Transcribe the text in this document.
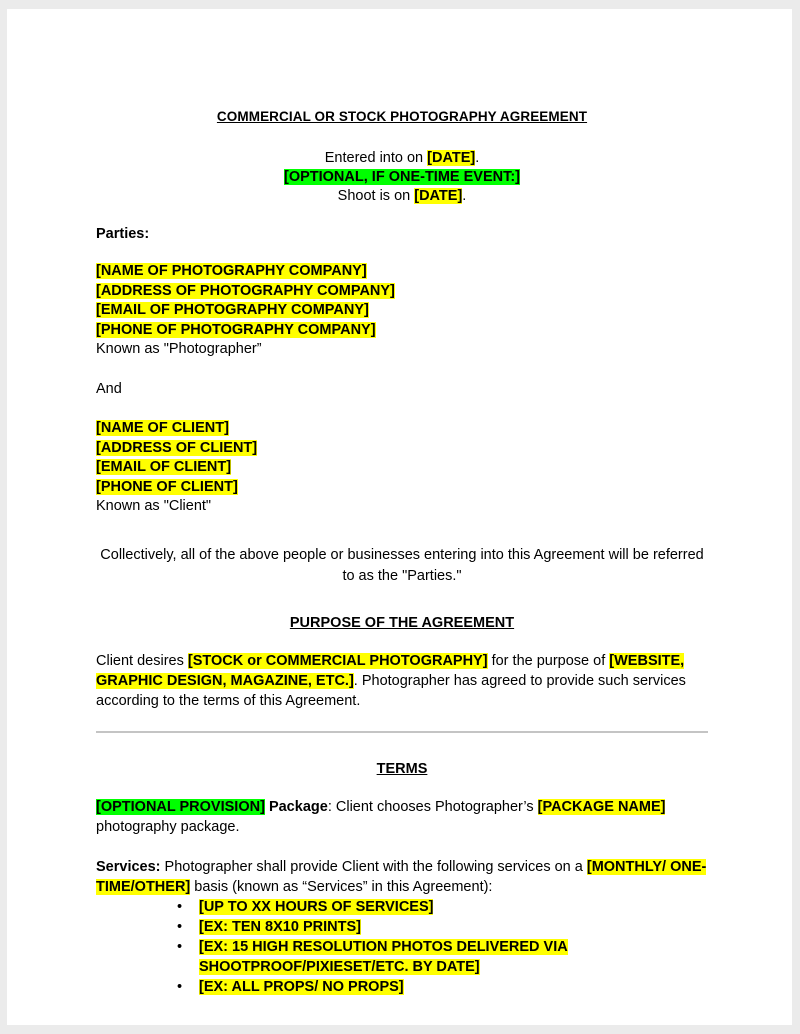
COMMERCIAL OR STOCK PHOTOGRAPHY AGREEMENT
Entered into on [DATE].
[OPTIONAL, IF ONE-TIME EVENT:]
Shoot is on [DATE].
Parties:
[NAME OF PHOTOGRAPHY COMPANY]
[ADDRESS OF PHOTOGRAPHY COMPANY]
[EMAIL OF PHOTOGRAPHY COMPANY]
[PHONE OF PHOTOGRAPHY COMPANY]
Known as "Photographer”
And
[NAME OF CLIENT]
[ADDRESS OF CLIENT]
[EMAIL OF CLIENT]
[PHONE OF CLIENT]
Known as "Client"
Collectively, all of the above people or businesses entering into this Agreement will be referred to as the "Parties."
PURPOSE OF THE AGREEMENT
Client desires [STOCK or COMMERCIAL PHOTOGRAPHY] for the purpose of [WEBSITE, GRAPHIC DESIGN, MAGAZINE, ETC.]. Photographer has agreed to provide such services according to the terms of this Agreement.
TERMS
[OPTIONAL PROVISION] Package: Client chooses Photographer’s [PACKAGE NAME] photography package.
Services: Photographer shall provide Client with the following services on a [MONTHLY/ ONE-TIME/OTHER] basis (known as “Services” in this Agreement):
• [UP TO XX HOURS OF SERVICES]
• [EX: TEN 8X10 PRINTS]
• [EX: 15 HIGH RESOLUTION PHOTOS DELIVERED VIA SHOOTPROOF/PIXIESET/ETC. BY DATE]
• [EX: ALL PROPS/ NO PROPS]
